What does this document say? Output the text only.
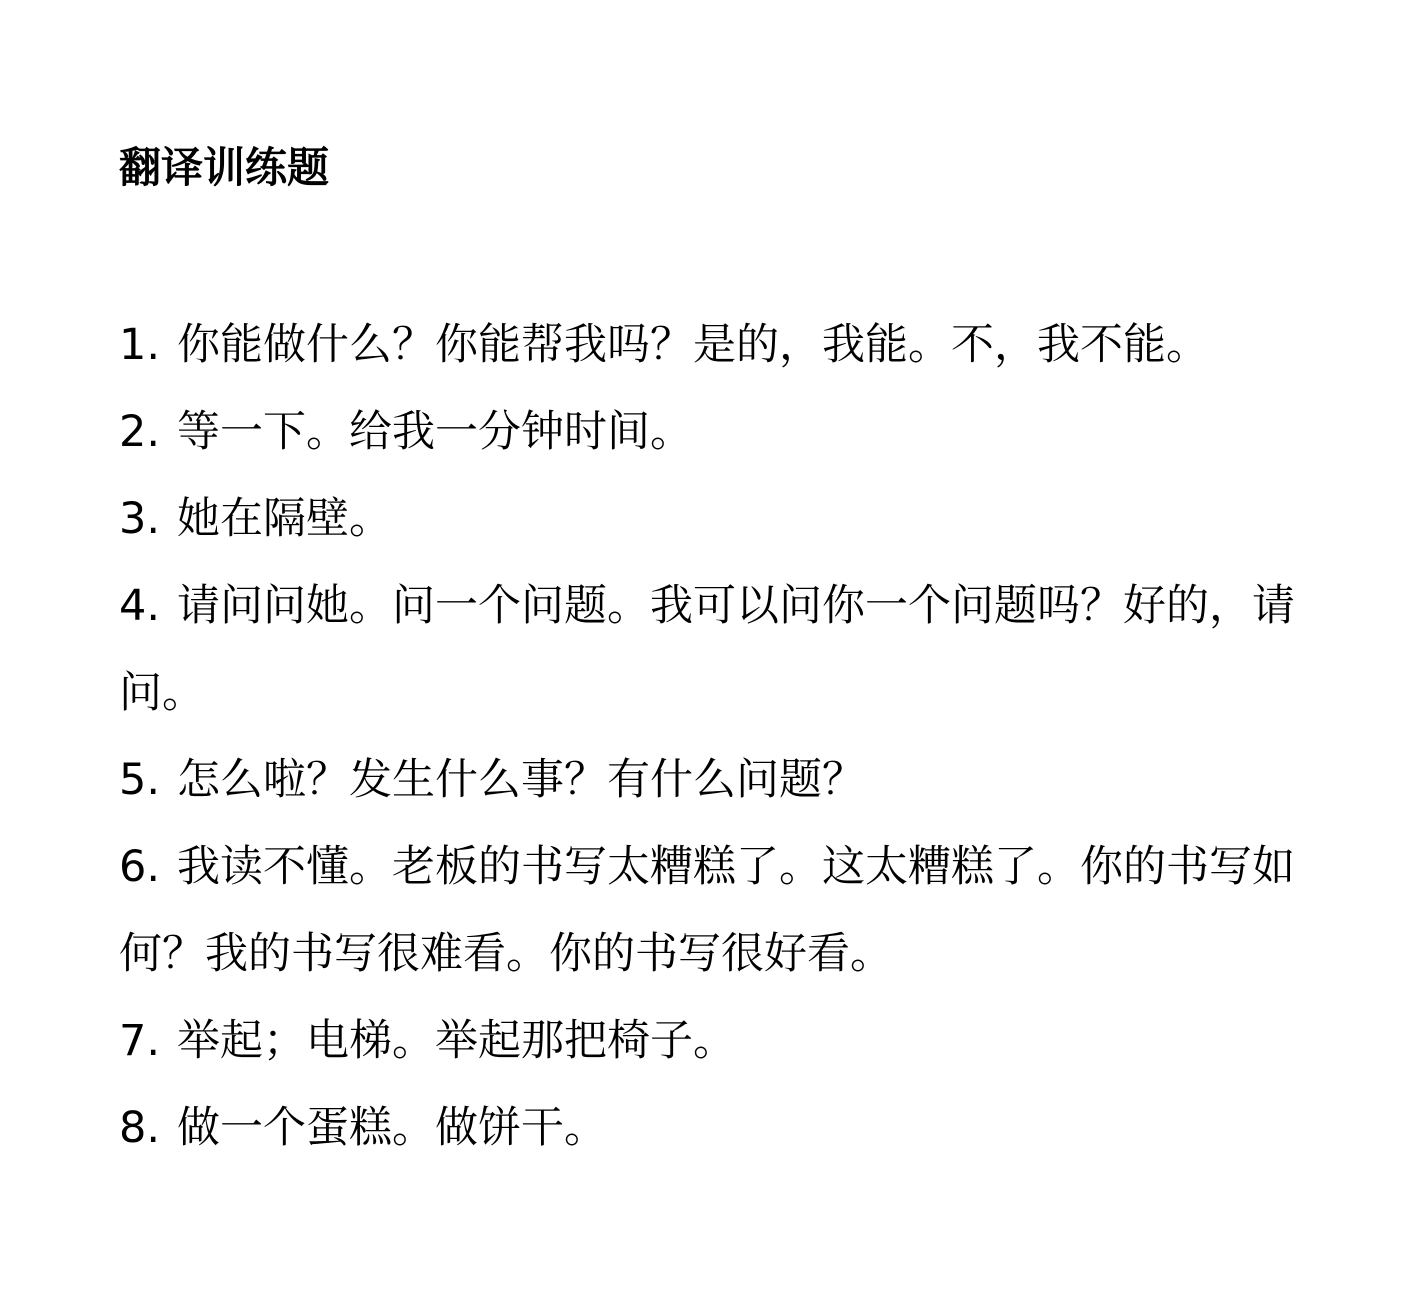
翻译训练题
1. 你能做什么？你能帮我吗？是的，我能。不，我不能。
2. 等一下。给我一分钟时间。
3. 她在隔壁。
4. 请问问她。问一个问题。我可以问你一个问题吗？好的，请问。
5. 怎么啦？发生什么事？有什么问题？
6. 我读不懂。老板的书写太糟糕了。这太糟糕了。你的书写如何？我的书写很难看。你的书写很好看。
7. 举起；电梯。举起那把椅子。
8. 做一个蛋糕。做饼干。
